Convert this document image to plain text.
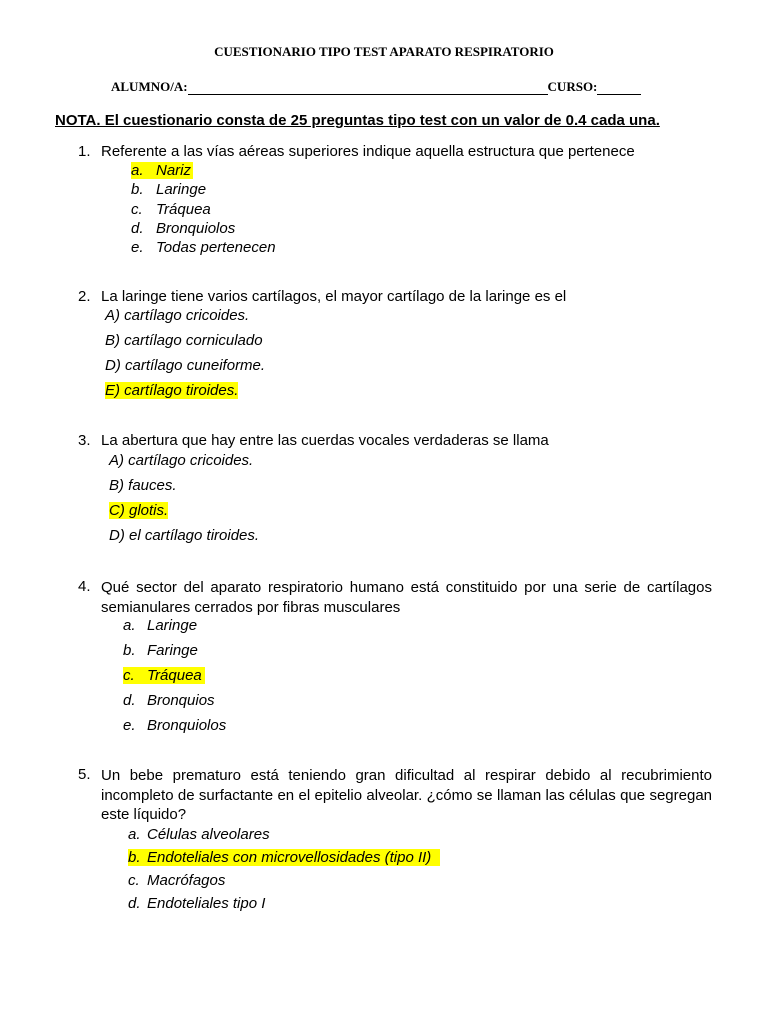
CUESTIONARIO TIPO TEST APARATO RESPIRATORIO
ALUMNO/A:	CURSO:
NOTA. El cuestionario consta de 25 preguntas tipo test con un valor de 0.4 cada una.
1. Referente a las vías aéreas superiores indique aquella estructura que pertenece
a. Nariz
b. Laringe
c. Tráquea
d. Bronquiolos
e. Todas pertenecen
2. La laringe tiene varios cartílagos, el mayor cartílago de la laringe es el
A) cartílago cricoides.
B) cartílago corniculado
D) cartílago cuneiforme.
E) cartílago tiroides.
3. La abertura que hay entre las cuerdas vocales verdaderas se llama
A) cartílago cricoides.
B) fauces.
C) glotis.
D) el cartílago tiroides.
4. Qué sector del aparato respiratorio humano está constituido por una serie de cartílagos semianulares cerrados por fibras musculares
a. Laringe
b. Faringe
c. Tráquea
d. Bronquios
e. Bronquiolos
5. Un bebe prematuro está teniendo gran dificultad al respirar debido al recubrimiento incompleto de surfactante en el epitelio alveolar. ¿cómo se llaman las células que segregan este líquido?
a. Células alveolares
b. Endoteliales con microvellosidades (tipo II)
c. Macrófagos
d. Endoteliales tipo I
